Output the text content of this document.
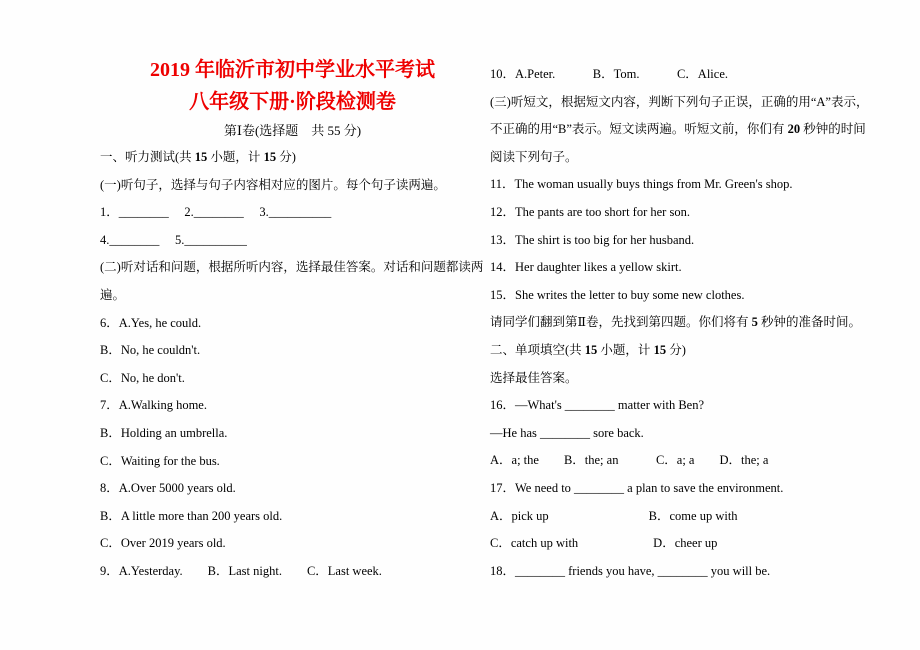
2019 年临沂市初中学业水平考试
八年级下册·阶段检测卷
第Ⅰ卷(选择题　共 55 分)
一、听力测试(共 15 小题，计 15 分)
(一)听句子，选择与句子内容相对应的图片。每个句子读两遍。
1．________　 2.________　 3.__________
4.________　 5.__________
(二)听对话和问题，根据所听内容，选择最佳答案。对话和问题都读两
遍。
6．A.Yes, he could.
B．No, he couldn't.
C．No, he don't.
7．A.Walking home.
B．Holding an umbrella.
C．Waiting for the bus.
8．A.Over 5000 years old.
B．A little more than 200 years old.
C．Over 2019 years old.
9．A.Yesterday.　　B．Last night.　　C．Last week.
10．A.Peter.　　　B．Tom.　　　C．Alice.
(三)听短文，根据短文内容，判断下列句子正误，正确的用“A”表示，
不正确的用“B”表示。短文读两遍。听短文前，你们有 20 秒钟的时间
阅读下列句子。
11．The woman usually buys things from Mr. Green's shop.
12．The pants are too short for her son.
13．The shirt is too big for her husband.
14．Her daughter likes a yellow skirt.
15．She writes the letter to buy some new clothes.
请同学们翻到第Ⅱ卷，先找到第四题。你们将有 5 秒钟的准备时间。
二、单项填空(共 15 小题，计 15 分)
选择最佳答案。
16．—What's ________ matter with Ben?
—He has ________ sore back.
A．a; the　　B．the; an　　　C．a; a　　D．the; a
17．We need to ________ a plan to save the environment.
A．pick up　　　　　　　　B．come up with
C．catch up with　　　　　　D．cheer up
18．________ friends you have, ________ you will be.
